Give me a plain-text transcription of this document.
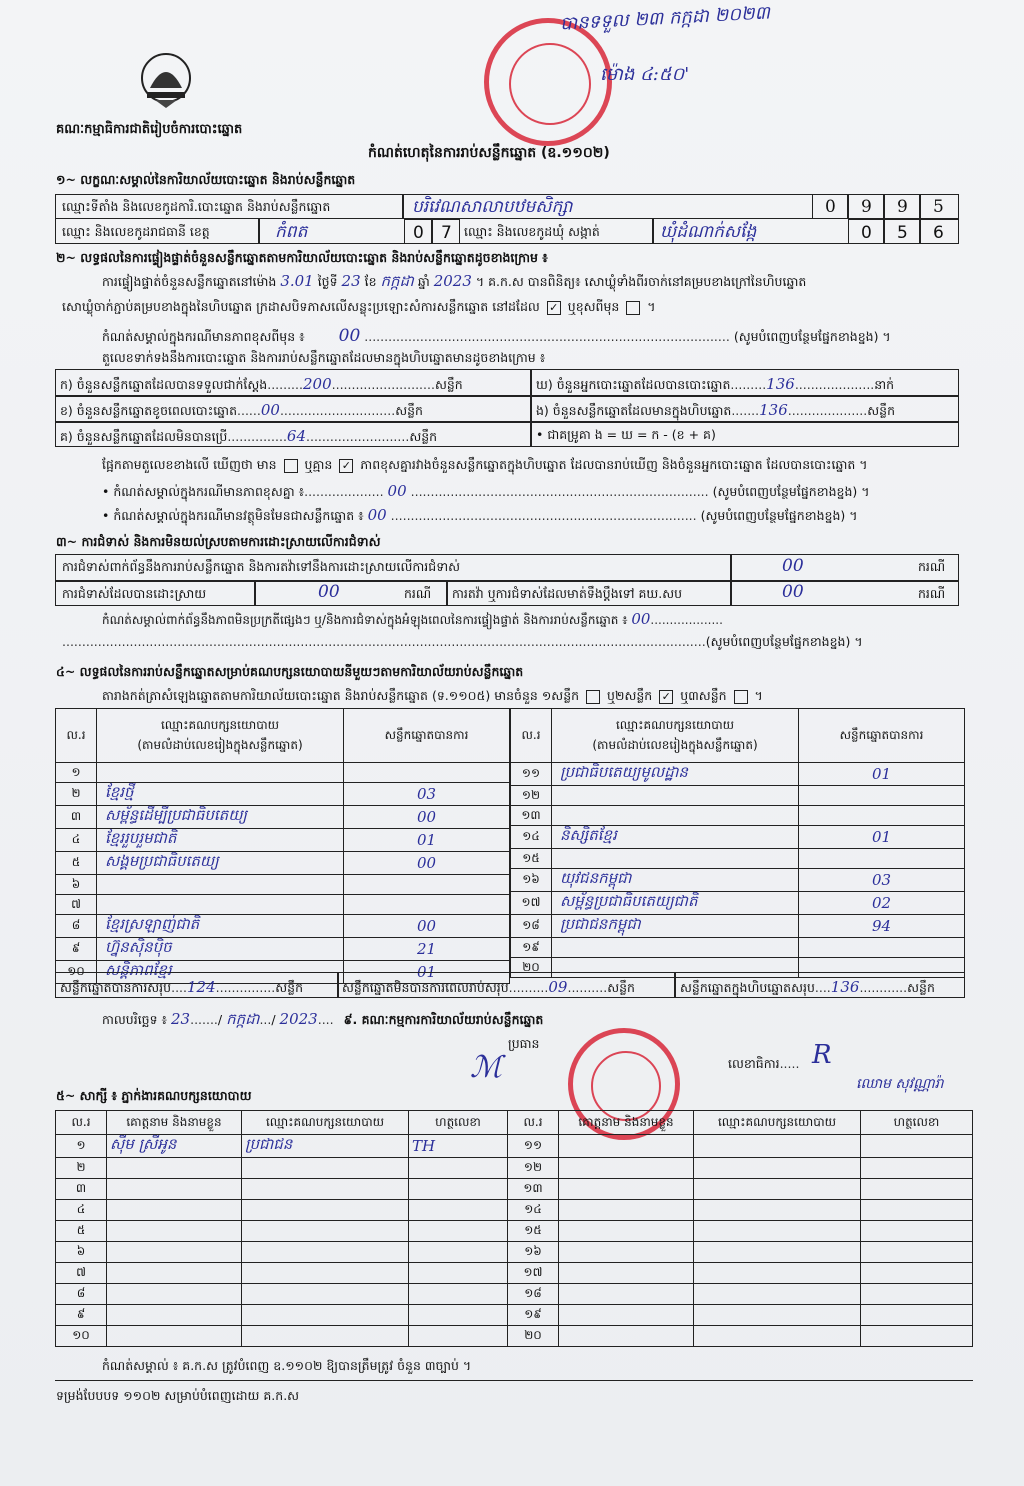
គណៈកម្មាធិការជាតិរៀបចំការបោះឆ្នោត
កំណត់ហេតុនៃការរាប់សន្លឹកឆ្នោត (ឧ.១១០២)
បានទទួល ២៣ កក្កដា ២០២៣
ម៉ោង ៤:៥០'
១~ លក្ខណៈសម្គាល់នៃការិយាល័យបោះឆ្នោត និងរាប់សន្លឹកឆ្នោត
ឈ្មោះទីតាំង និងលេខកូដការិ.បោះឆ្នោត និងរាប់សន្លឹកឆ្នោត	បរិវេណសាលាបឋមសិក្សា	0 9 9 5
ឈ្មោះ និងលេខកូដរាជធានី ខេត្ត	កំពត	0 7 ឈ្មោះ និងលេខកូដឃុំ សង្កាត់	ឃុំដំណាក់សង្កែ	0 5 6
២~ លទ្ធផលនៃការផ្ទៀងផ្ទាត់ចំនួនសន្លឹកឆ្នោតតាមការិយាល័យបោះឆ្នោត និងរាប់សន្លឹកឆ្នោតដូចខាងក្រោម ៖
ការផ្ទៀងផ្ទាត់ចំនួនសន្លឹកឆ្នោតនៅម៉ោង 3.01 ថ្ងៃទី 23 ខែ កក្កដា ឆ្នាំ 2023 ។ គ.ក.ស បានពិនិត្យ៖ សោឃ្លុំទាំងពីរចាក់នៅគម្របខាងក្រៅនៃហិបឆ្នោត
សោឃ្លុំចាក់ភ្ជាប់គម្របខាងក្នុងនៃហិបឆ្នោត ក្រដាសបិទភាសលើសន្លុះប្រឡោះសំការសន្លឹកឆ្នោត នៅដដែល ✓ ឬខុសពីមុន  ។
កំណត់សម្គាល់ក្នុងករណីមានភាពខុសពីមុន ៖ 00 ............................................................................................ (សូមបំពេញបន្ថែមផ្នែកខាងខ្នង) ។
តួលេខទាក់ទងនឹងការបោះឆ្នោត និងការរាប់សន្លឹកឆ្នោតដែលមានក្នុងហិបឆ្នោតមានដូចខាងក្រោម ៖
ក) ចំនួនសន្លឹកឆ្នោតដែលបានទទួលជាក់ស្តែង.........200..........................សន្លឹក
ខ) ចំនួនសន្លឹកឆ្នោតខូចពេលបោះឆ្នោត......00.............................សន្លឹក
គ) ចំនួនសន្លឹកឆ្នោតដែលមិនបានប្រើ...............64..........................សន្លឹក
ឃ) ចំនួនអ្នកបោះឆ្នោតដែលបានបោះឆ្នោត.........136....................នាក់
ង) ចំនួនសន្លឹកឆ្នោតដែលមានក្នុងហិបឆ្នោត.......136....................សន្លឹក
• ជាគម្រូគា ង = ឃ = ក - (ខ + គ)
ផ្អែកតាមតួលេខខាងលើ ឃើញថា មាន ឬគ្មាន ✓ ភាពខុសគ្នារវាងចំនួនសន្លឹកឆ្នោតក្នុងហិបឆ្នោត ដែលបានរាប់ឃើញ និងចំនួនអ្នកបោះឆ្នោត ដែលបានបោះឆ្នោត ។
• កំណត់សម្គាល់ក្នុងករណីមានភាពខុសគ្នា ៖.................... 00 ........................................................................... (សូមបំពេញបន្ថែមផ្នែកខាងខ្នង) ។
• កំណត់សម្គាល់ក្នុងករណីមានវត្ថុមិនមែនជាសន្លឹកឆ្នោត ៖ 00 ............................................................................. (សូមបំពេញបន្ថែមផ្នែកខាងខ្នង) ។
៣~ ការជំទាស់ និងការមិនយល់ស្របតាមការដោះស្រាយលើការជំទាស់
ការជំទាស់ពាក់ព័ន្ធនឹងការរាប់សន្លឹកឆ្នោត និងការតវ៉ាទៅនឹងការដោះស្រាយលើការជំទាស់	00	ករណី
ការជំទាស់ដែលបានដោះស្រាយ	00	ករណី ការតវ៉ា ឬការជំទាស់ដែលមាត់ទឹងប្តឹងទៅ គឃ.សប	00	ករណី
កំណត់សម្គាល់ពាក់ព័ន្ធនឹងភាពមិនប្រក្រតីផ្សេងៗ ឬ/និងការជំទាស់ក្នុងអំឡុងពេលនៃការផ្ទៀងផ្ទាត់ និងការរាប់សន្លឹកឆ្នោត ៖ 00...................
..................................................................................................................................................................(សូមបំពេញបន្ថែមផ្នែកខាងខ្នង) ។
៤~ លទ្ធផលនៃការរាប់សន្លឹកឆ្នោតសម្រាប់គណបក្សនយោបាយនីមួយៗតាមការិយាល័យរាប់សន្លឹកឆ្នោត
តារាងកត់ត្រាសំឡេងឆ្នោតតាមការិយាល័យបោះឆ្នោត និងរាប់សន្លឹកឆ្នោត (ទ.១១០៥) មានចំនួន ១សន្លឹក ឬ២សន្លឹក ✓ ឬ៣សន្លឹក  ។
ល.រ	ឈ្មោះគណបក្សនយោបាយ
(តាមលំដាប់លេខរៀងក្នុងសន្លឹកឆ្នោត)	សន្លឹកឆ្នោតបានការ
១		
២	ខ្មែរថ្មី	03
៣	សម្ព័ន្ធដើម្បីប្រជាធិបតេយ្យ	00
៤	ខ្មែររួបរួមជាតិ	01
៥	សង្គមប្រជាធិបតេយ្យ	00
៦		
៧		
៨	ខ្មែរស្រឡាញ់ជាតិ	00
៩	ហ្វ៊ុនស៊ិនប៉ិច	21
១០	សន្តិភាពខ្មែរ	01
ល.រ	ឈ្មោះគណបក្សនយោបាយ
(តាមលំដាប់លេខរៀងក្នុងសន្លឹកឆ្នោត)	សន្លឹកឆ្នោតបានការ
១១	ប្រជាធិបតេយ្យមូលដ្ឋាន	01
១២		
១៣		
១៤	និស្សិតខ្មែរ	01
១៥		
១៦	យុវជនកម្ពុជា	03
១៧	សម្ព័ន្ធប្រជាធិបតេយ្យជាតិ	02
១៨	ប្រជាជនកម្ពុជា	94
១៩		
២០		
សន្លឹកឆ្នោតបានការសរុប....124...............សន្លឹក	សន្លឹកឆ្នោតមិនបានការពេលរាប់សរុប..........09..........សន្លឹក	សន្លឹកឆ្នោតក្នុងហិបឆ្នោតសរុប....136............សន្លឹក
កាលបរិច្ឆេទ ៖ 23......./ កក្កដា.../ 2023.... ៩. គណៈកម្មការការិយាល័យរាប់សន្លឹកឆ្នោត
ប្រធាន
ℳ	លេខាធិការ..... R
ឈោម សុវណ្ណារ៉ា
៥~ សាក្សី ៖ ភ្នាក់ងារគណបក្សនយោបាយ
ល.រ	គោត្តនាម និងនាមខ្លួន	ឈ្មោះគណបក្សនយោបាយ	ហត្ថលេខា	ល.រ	គោត្តនាម និងនាមខ្លួន	ឈ្មោះគណបក្សនយោបាយ	ហត្ថលេខា
១	ស៊ីម ស្រីអូន	ប្រជាជន	TH	១១			
២				១២			
៣				១៣			
៤				១៤			
៥				១៥			
៦				១៦			
៧				១៧			
៨				១៨			
៩				១៩			
១០				២០			
កំណត់សម្គាល់ ៖ គ.ក.ស ត្រូវបំពេញ ឧ.១១០២ ឱ្យបានត្រឹមត្រូវ ចំនួន ៣ច្បាប់ ។
ទម្រង់បែបបទ ១១០២ សម្រាប់បំពេញដោយ គ.ក.ស
